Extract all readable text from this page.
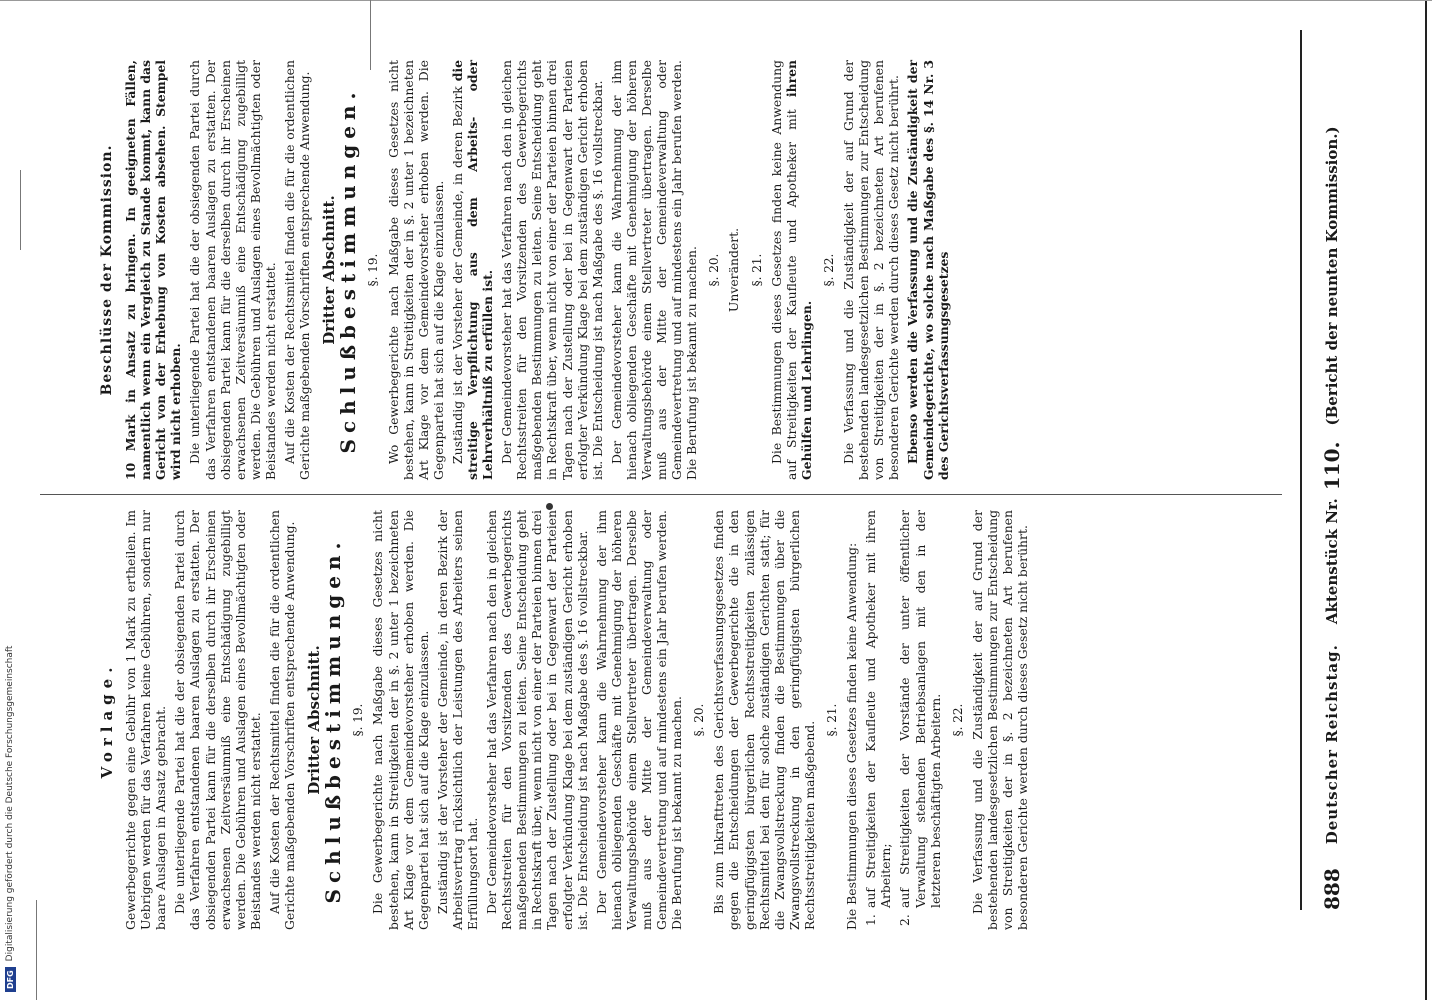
888
Deutscher Reichstag.
Aktenstück Nr.
110.
(Bericht der neunten Kommission.)
Vorlage. Gewerbegerichte gegen eine Gebühr von 1 Mark zu ertheilen. Im Uebrigen werden für das Verfahren keine Gebühren, sondern nur baare Auslagen in Ansatz gebracht. Die unterliegende Partei hat die der obsiegenden Partei durch das Verfahren entstandenen baaren Auslagen zu erstatten. Der obsiegenden Partei kann für die derselben durch ihr Erscheinen erwachsenen Zeitversäumniß eine Entschädigung zugebilligt werden. Die Gebühren und Auslagen eines Bevollmächtigten oder Beistandes werden nicht erstattet. Auf die Kosten der Rechtsmittel finden die für die ordentlichen Gerichte maßgebenden Vorschriften entsprechende Anwendung. Dritter Abschnitt.
Schlußbestimmungen. §. 19. Die Gewerbegerichte nach Maßgabe dieses Gesetzes nicht bestehen, kann in Streitigkeiten der in §. 2 unter 1 bezeichneten Art Klage vor dem Gemeindevorsteher erhoben werden. Die Gegenpartei hat sich auf die Klage einzulassen. Zuständig ist der Vorsteher der Gemeinde, in deren Bezirk der Arbeitsvertrag rücksichtlich der Leistungen des Arbeiters seinen Erfüllungsort hat. Der Gemeindevorsteher hat das Verfahren nach den in gleichen Rechtsstreiten für den Vorsitzenden des Gewerbegerichts maßgebenden Bestimmungen zu leiten. Seine Entscheidung geht in Rechtskraft über, wenn nicht von einer der Parteien binnen drei Tagen nach der Zustellung oder bei in Gegenwart der Parteien erfolgter Verkündung Klage bei dem zuständigen Gericht erhoben ist. Die Entscheidung ist nach Maßgabe des §. 16 vollstreckbar. Der Gemeindevorsteher kann die Wahrnehmung der ihm hienach obliegenden Geschäfte mit Genehmigung der höheren Verwaltungsbehörde einem Stellvertreter übertragen. Derselbe muß aus der Mitte der Gemeindeverwaltung oder Gemeindevertretung und auf mindestens ein Jahr berufen werden. Die Berufung ist bekannt zu machen. §. 20. Bis zum Inkrafttreten des Gerichtsverfassungsgesetzes finden gegen die Entscheidungen der Gewerbegerichte die in den geringfügigsten bürgerlichen Rechtsstreitigkeiten zulässigen Rechtsmittel bei den für solche zuständigen Gerichten statt; für die Zwangsvollstreckung finden die Bestimmungen über die Zwangsvollstreckung in den geringfügigsten bürgerlichen Rechtsstreitigkeiten maßgebend.

§. 21. Die Bestimmungen dieses Gesetzes finden keine Anwendung: 1.
auf Streitigkeiten der Kaufleute und Apotheker mit ihren Arbeitern;

2.
auf Streitigkeiten der Vorstände der unter öffentlicher Verwaltung stehenden Betriebsanlagen mit den in der letzteren beschäftigten Arbeitern. §. 22. Die Verfassung und die Zuständigkeit der auf Grund der bestehenden landesgesetzlichen Bestimmungen zur Entscheidung von Streitigkeiten der in §. 2 bezeichneten Art berufenen besonderen Gerichte werden durch dieses Gesetz nicht berührt.

Beschlüsse der Kommission. 10 Mark in Ansatz zu bringen. In geeigneten Fällen, namentlich wenn ein Vergleich zu Stande kommt, kann das Gericht von der Erhebung von Kosten absehen. Stempel wird nicht erhoben. Die unterliegende Partei hat die der obsiegenden Partei durch das Verfahren entstandenen baaren Auslagen zu erstatten. Der obsiegenden Partei kann für die derselben durch ihr Erscheinen erwachsenen Zeitversäumniß eine Entschädigung zugebilligt werden. Die Gebühren und Auslagen eines Bevollmächtigten oder Beistandes werden nicht erstattet. Auf die Kosten der Rechtsmittel finden die für die ordentlichen Gerichte maßgebenden Vorschriften entsprechende Anwendung. Dritter Abschnitt.
Schlußbestimmungen. §. 19. Wo Gewerbegerichte nach Maßgabe dieses Gesetzes nicht bestehen, kann in Streitigkeiten der in §. 2 unter 1 bezeichneten Art Klage vor dem Gemeindevorsteher erhoben werden. Die Gegenpartei hat sich auf die Klage einzulassen. Zuständig ist der Vorsteher der Gemeinde, in deren Bezirk die streitige Verpflichtung aus dem Arbeits- oder Lehrverhältniß zu erfüllen ist. Der Gemeindevorsteher hat das Verfahren nach den in gleichen Rechtsstreiten für den Vorsitzenden des Gewerbegerichts maßgebenden Bestimmungen zu leiten. Seine Entscheidung geht in Rechtskraft über, wenn nicht von einer der Parteien binnen drei Tagen nach der Zustellung oder bei in Gegenwart der Parteien erfolgter Verkündung Klage bei dem zuständigen Gericht erhoben ist. Die Entscheidung ist nach Maßgabe des §. 16 vollstreckbar. Der Gemeindevorsteher kann die Wahrnehmung der ihm hienach obliegenden Geschäfte mit Genehmigung der höheren Verwaltungsbehörde einem Stellvertreter übertragen. Derselbe muß aus der Mitte der Gemeindeverwaltung oder Gemeindevertretung und auf mindestens ein Jahr berufen werden. Die Berufung ist bekannt zu machen. §. 20. Unverändert. §. 21. Die Bestimmungen dieses Gesetzes finden keine Anwendung auf Streitigkeiten der Kaufleute und Apotheker mit ihren Gehülfen und Lehrlingen.

§. 22. Die Verfassung und die Zuständigkeit der auf Grund der bestehenden landesgesetzlichen Bestimmungen zur Entscheidung von Streitigkeiten der in §. 2 bezeichneten Art berufenen besonderen Gerichte werden durch dieses Gesetz nicht berührt. Ebenso werden die Verfassung und die Zuständigkeit der Gemeindegerichte, wo solche nach Maßgabe des §. 14 Nr. 3 des Gerichtsverfassungsgesetzes

DFG
Digitalisierung gefördert durch die Deutsche Forschungsgemeinschaft
